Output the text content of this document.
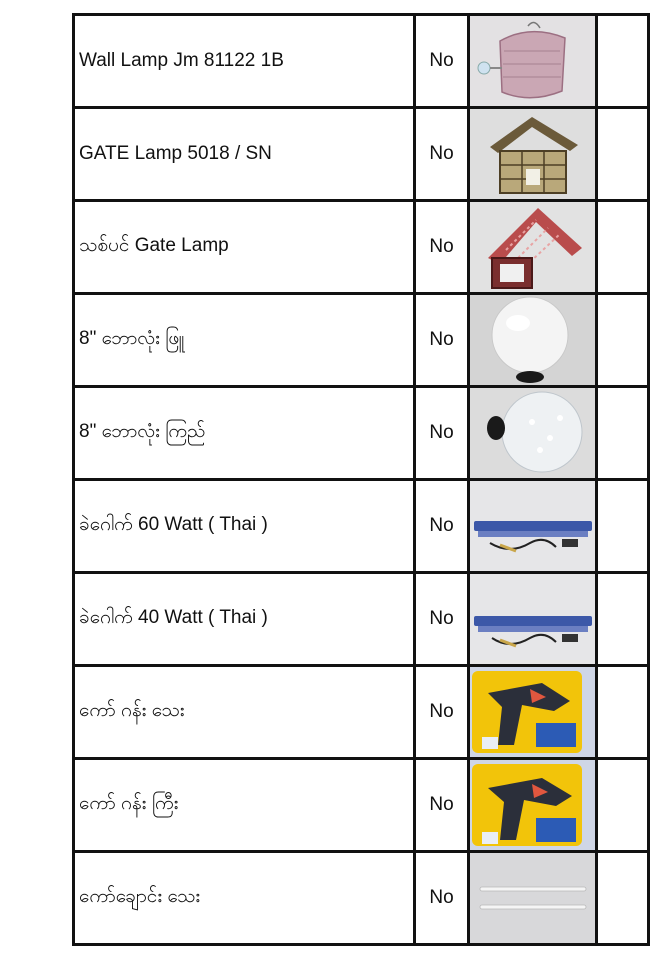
Wall Lamp Jm 81122 1B	No
GATE Lamp 5018 / SN	No
သစ်ပင် Gate Lamp	No
8" ဘောလုံး ဖြူ	No
8" ဘောလုံး ကြည်	No
ခဲဂေါက် 60 Watt ( Thai )	No
ခဲဂေါက် 40 Watt ( Thai )	No
ကော် ဂန်း သေး	No
ကော် ဂန်း ကြီး	No
ကော်ချောင်း သေး	No
